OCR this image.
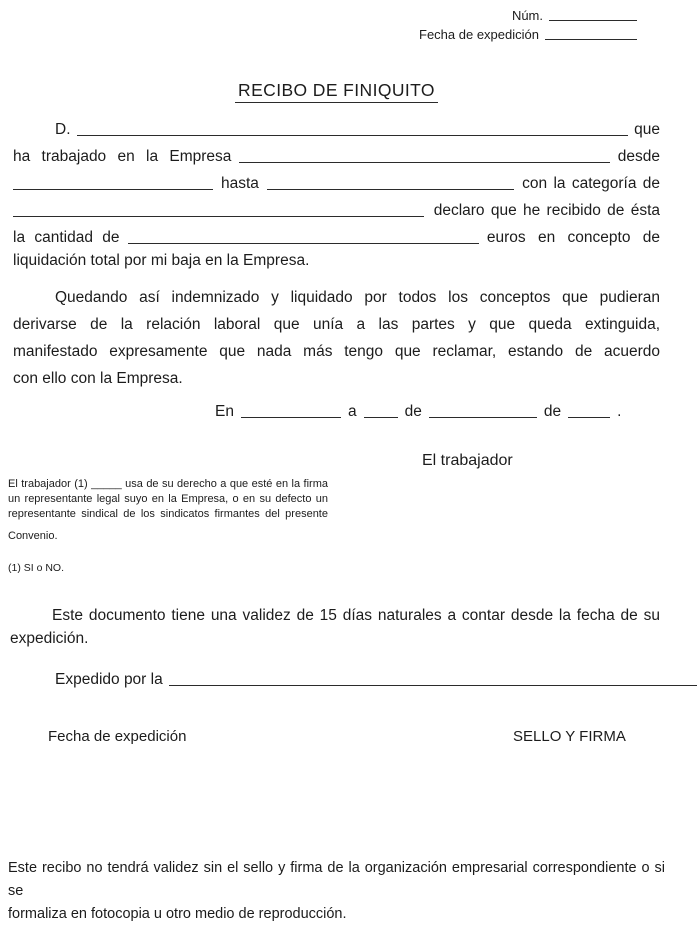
Núm.
Fecha de expedición
RECIBO DE FINIQUITO
D.	que
ha trabajado en la Empresa	desde
hasta	con la categoría de
declaro que he recibido de ésta
la cantidad de	euros en concepto de
liquidación total por mi baja en la Empresa.
Quedando así indemnizado y liquidado por todos los conceptos que pudieran
derivarse de la relación laboral que unía a las partes y que queda extinguida,
manifestado expresamente que nada más tengo que reclamar, estando de acuerdo
con ello con la Empresa.
En	a	de	de	.
El trabajador
El trabajador (1) _____ usa de su derecho a que esté en la firma
un representante legal suyo en la Empresa, o en su defecto un
representante sindical de los sindicatos firmantes del presente
Convenio.
(1) SI o NO.
Este documento tiene una validez de 15 días naturales a contar desde la fecha de su
expedición.
Expedido por la
Fecha de expedición	SELLO Y FIRMA
Este recibo no tendrá validez sin el sello y firma de la organización empresarial correspondiente o si se
formaliza en fotocopia u otro medio de reproducción.
